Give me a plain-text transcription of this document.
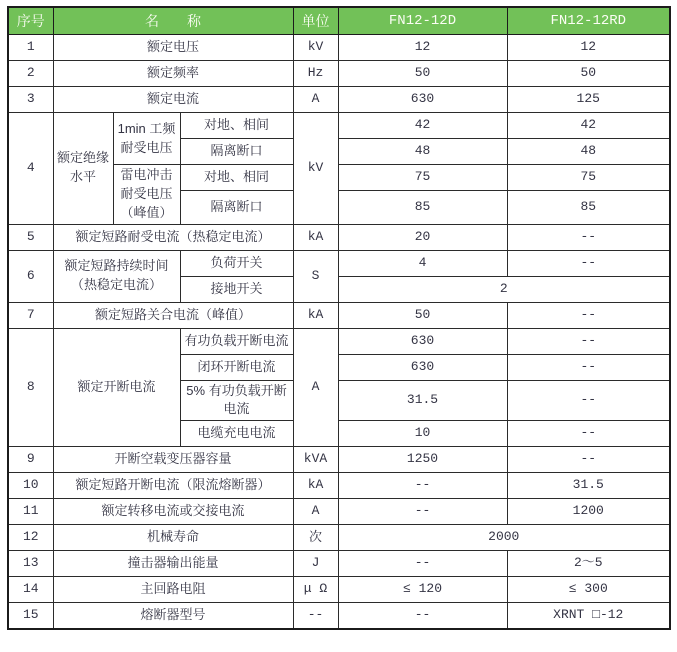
序号	名　　称			单位	FN12-12D	FN12-12RD
1	额定电压			kV	12	12
2	额定频率			Hz	50	50
3	额定电流			A	630	125
4	额定绝缘水平	1min 工频耐受电压	对地、相间	kV	42	42
			隔离断口		48	48
		雷电冲击耐受电压（峰值）	对地、相同		75	75
			隔离断口		85	85
5	额定短路耐受电流（热稳定电流）			kA	20	--
6	额定短路持续时间（热稳定电流）		负荷开关	S	4	--
			接地开关		2	
7	额定短路关合电流（峰值）			kA	50	--
8	额定开断电流		有功负载开断电流	A	630	--
			闭环开断电流		630	--
			5% 有功负载开断电流		31.5	--
			电缆充电电流		10	--
9	开断空载变压器容量			kVA	1250	--
10	额定短路开断电流（限流熔断器）			kA	--	31.5
11	额定转移电流或交接电流			A	--	1200
12	机械寿命			次	2000	
13	撞击器输出能量			J	--	2～5
14	主回路电阻			μ Ω	≤ 120	≤ 300
15	熔断器型号			--	--	XRNT □-12
